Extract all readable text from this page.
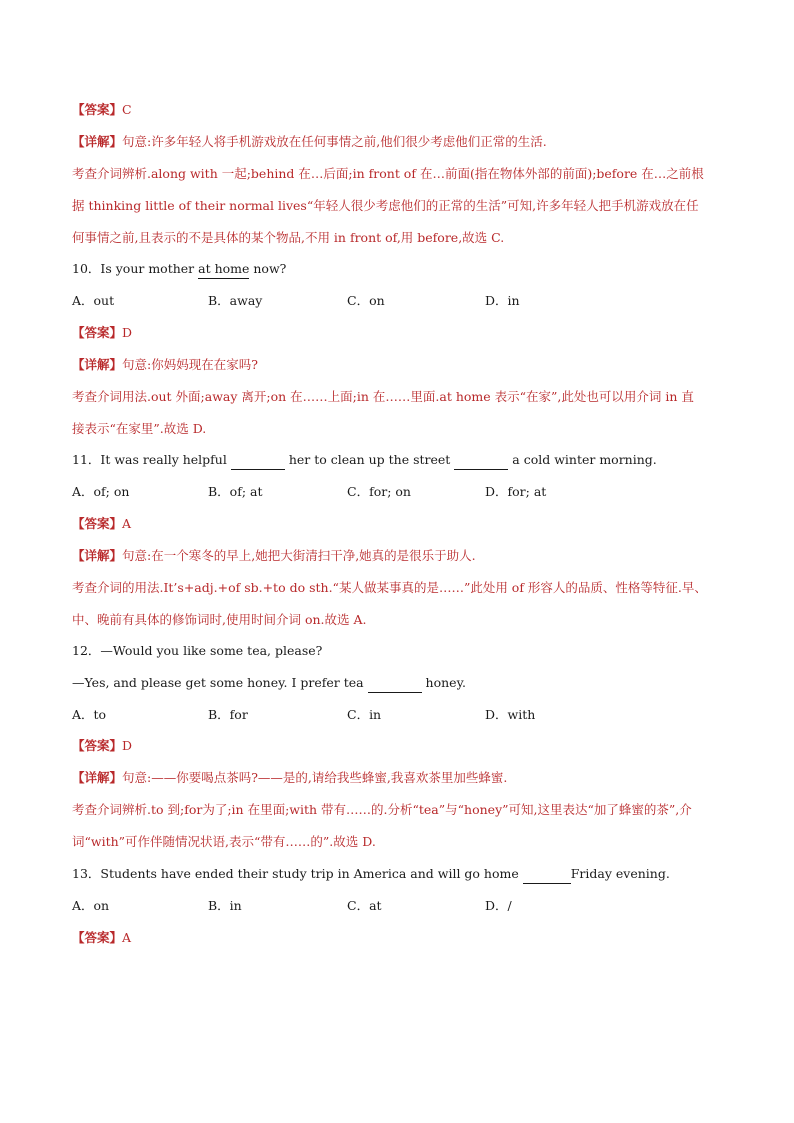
【答案】C
【详解】句意:许多年轻人将手机游戏放在任何事情之前,他们很少考虑他们正常的生活.
考查介词辨析.along with 一起;behind 在…后面;in front of 在…前面(指在物体外部的前面);before 在…之前根
据 thinking little of their normal lives“年轻人很少考虑他们的正常的生活”可知,许多年轻人把手机游戏放在任
何事情之前,且表示的不是具体的某个物品,不用 in front of,用 before,故选 C.
10．Is your mother at home now?
A．out	B．away	C．on	D．in
【答案】D
【详解】句意:你妈妈现在在家吗?
考查介词用法.out 外面;away 离开;on 在……上面;in 在……里面.at home 表示“在家”,此处也可以用介词 in 直
接表示“在家里”.故选 D.
11．It was really helpful	her to clean up the street	a cold winter morning.
A．of; on	B．of; at	C．for; on	D．for; at
【答案】A
【详解】句意:在一个寒冬的早上,她把大街清扫干净,她真的是很乐于助人.
考查介词的用法.It’s+adj.+of sb.+to do sth.“某人做某事真的是……”此处用 of 形容人的品质、性格等特征.早、
中、晚前有具体的修饰词时,使用时间介词 on.故选 A.
12．—Would you like some tea, please?
—Yes, and please get some honey. I prefer tea	honey.
A．to	B．for	C．in	D．with
【答案】D
【详解】句意:——你要喝点茶吗?——是的,请给我些蜂蜜,我喜欢茶里加些蜂蜜.
考查介词辨析.to 到;for为了;in 在里面;with 带有……的.分析“tea”与“honey”可知,这里表达“加了蜂蜜的茶”,介
词“with”可作伴随情况状语,表示“带有……的”.故选 D.
13．Students have ended their study trip in America and will go home	Friday evening.
A．on	B．in	C．at	D．/
【答案】A
